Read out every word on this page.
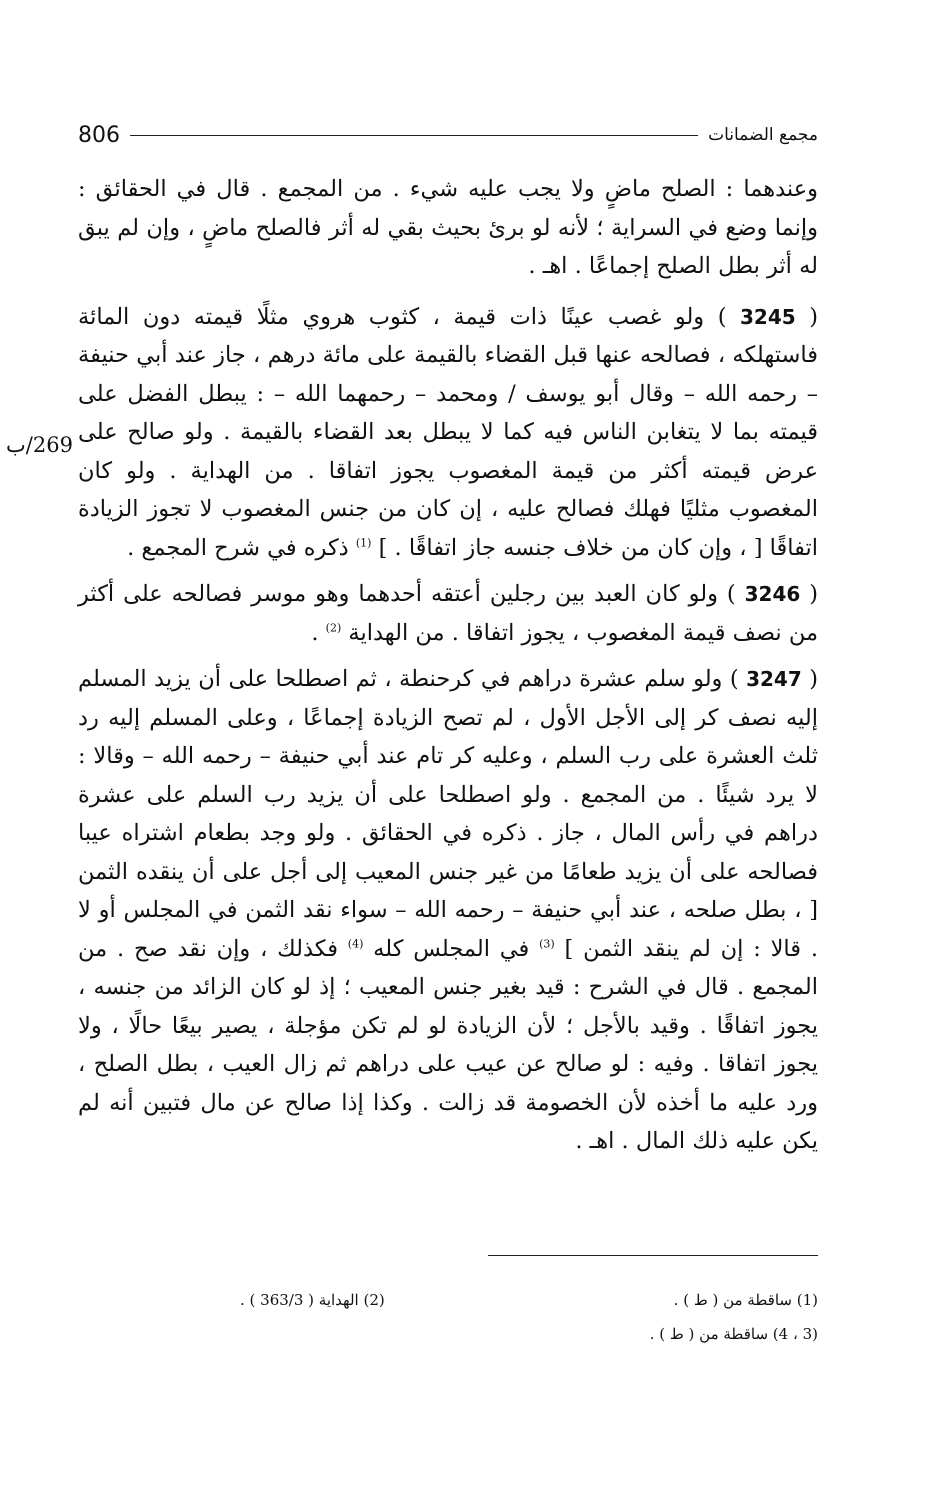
806	مجمع الضمانات
269/ب

وعندهما : الصلح ماضٍ ولا يجب عليه شيء . من المجمع . قال في الحقائق : وإنما وضع في السراية ؛ لأنه لو برئ بحيث بقي له أثر فالصلح ماضٍ ، وإن لم يبق له أثر بطل الصلح إجماعًا . اهـ .

( 3245 ) ولو غصب عينًا ذات قيمة ، كثوب هروي مثلًا قيمته دون المائة فاستهلكه ، فصالحه عنها قبل القضاء بالقيمة على مائة درهم ، جاز عند أبي حنيفة – رحمه الله – وقال أبو يوسف / ومحمد – رحمهما الله – : يبطل الفضل على قيمته بما لا يتغابن الناس فيه كما لا يبطل بعد القضاء بالقيمة . ولو صالح على عرض قيمته أكثر من قيمة المغصوب يجوز اتفاقا . من الهداية . ولو كان المغصوب مثليًا فهلك فصالح عليه ، إن كان من جنس المغصوب لا تجوز الزيادة اتفاقًا [ ، وإن كان من خلاف جنسه جاز اتفاقًا . ] $^{(1)}$ ذكره في شرح المجمع .

( 3246 ) ولو كان العبد بين رجلين أعتقه أحدهما وهو موسر فصالحه على أكثر من نصف قيمة المغصوب ، يجوز اتفاقا . من الهداية $^{(2)}$ .

( 3247 ) ولو سلم عشرة دراهم في كرحنطة ، ثم اصطلحا على أن يزيد المسلم إليه نصف كر إلى الأجل الأول ، لم تصح الزيادة إجماعًا ، وعلى المسلم إليه رد ثلث العشرة على رب السلم ، وعليه كر تام عند أبي حنيفة – رحمه الله – وقالا : لا يرد شيئًا . من المجمع . ولو اصطلحا على أن يزيد رب السلم على عشرة دراهم في رأس المال ، جاز . ذكره في الحقائق . ولو وجد بطعام اشتراه عيبا فصالحه على أن يزيد طعامًا من غير جنس المعيب إلى أجل على أن ينقده الثمن [ ، بطل صلحه ، عند أبي حنيفة – رحمه الله – سواء نقد الثمن في المجلس أو لا . قالا : إن لم ينقد الثمن ] $^{(3)}$ في المجلس كله $^{(4)}$ فكذلك ، وإن نقد صح . من المجمع . قال في الشرح : قيد بغير جنس المعيب ؛ إذ لو كان الزائد من جنسه ، يجوز اتفاقًا . وقيد بالأجل ؛ لأن الزيادة لو لم تكن مؤجلة ، يصير بيعًا حالًا ، ولا يجوز اتفاقا . وفيه : لو صالح عن عيب على دراهم ثم زال العيب ، بطل الصلح ، ورد عليه ما أخذه لأن الخصومة قد زالت . وكذا إذا صالح عن مال فتبين أنه لم يكن عليه ذلك المال . اهـ .

(1) ساقطة من ( ط ) .
(2) الهداية ( 363/3 ) .
(3 ، 4) ساقطة من ( ط ) .
